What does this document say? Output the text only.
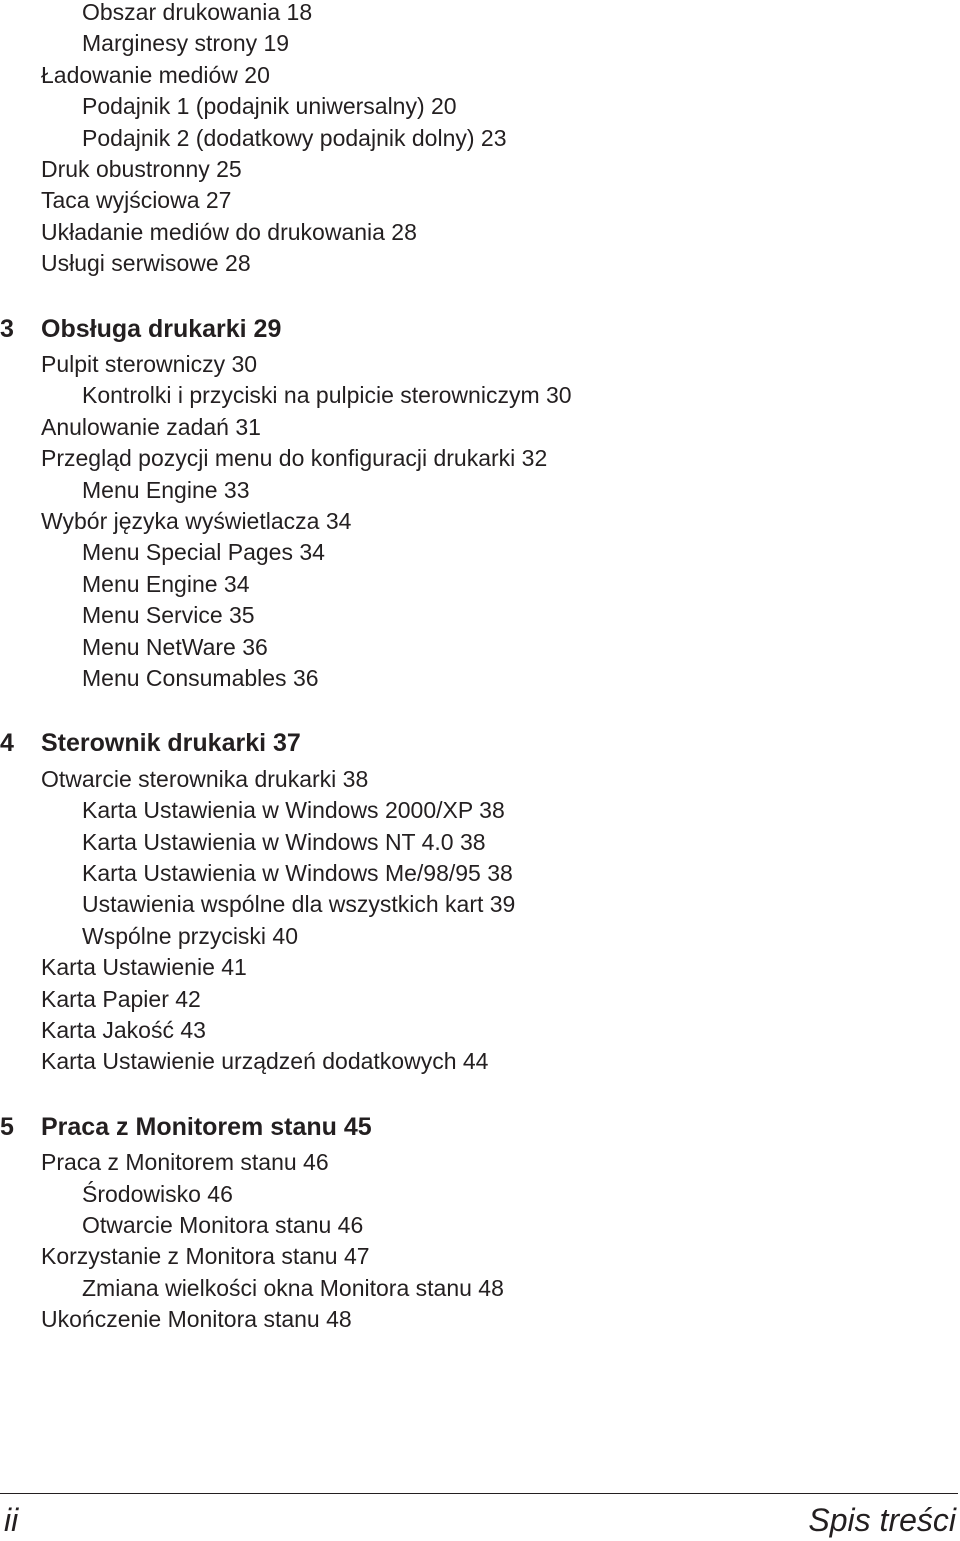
Obszar drukowania 18
Marginesy strony 19
Ładowanie mediów 20
Podajnik 1 (podajnik uniwersalny) 20
Podajnik 2 (dodatkowy podajnik dolny) 23
Druk obustronny 25
Taca wyjściowa 27
Układanie mediów do drukowania 28
Usługi serwisowe 28
3 Obsługa drukarki 29
Pulpit sterowniczy 30
Kontrolki i przyciski na pulpicie sterowniczym 30
Anulowanie zadań 31
Przegląd pozycji menu do konfiguracji drukarki 32
Menu Engine 33
Wybór języka wyświetlacza 34
Menu Special Pages 34
Menu Engine 34
Menu Service 35
Menu NetWare 36
Menu Consumables 36
4 Sterownik drukarki 37
Otwarcie sterownika drukarki 38
Karta Ustawienia w Windows 2000/XP 38
Karta Ustawienia w Windows NT 4.0 38
Karta Ustawienia w Windows Me/98/95 38
Ustawienia wspólne dla wszystkich kart 39
Wspólne przyciski 40
Karta Ustawienie 41
Karta Papier 42
Karta Jakość 43
Karta Ustawienie urządzeń dodatkowych 44
5 Praca z Monitorem stanu 45
Praca z Monitorem stanu 46
Środowisko 46
Otwarcie Monitora stanu 46
Korzystanie z Monitora stanu 47
Zmiana wielkości okna Monitora stanu 48
Ukończenie Monitora stanu 48
ii	Spis treści
